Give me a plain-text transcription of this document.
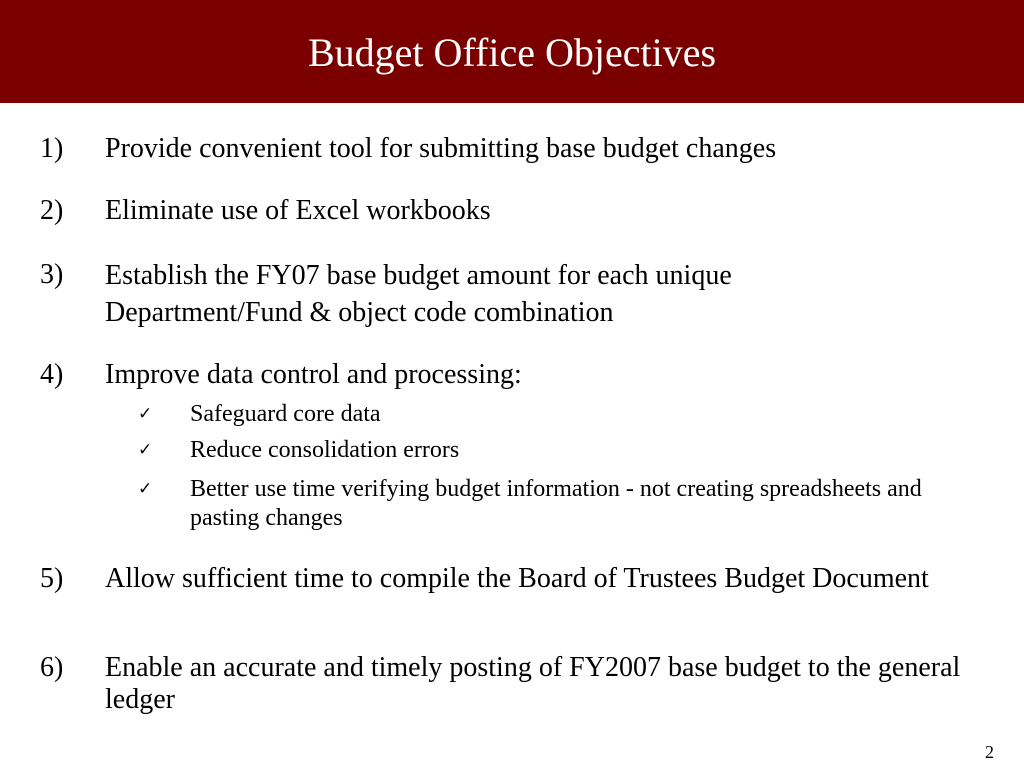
Budget Office Objectives
1) Provide convenient tool for submitting base budget changes
2) Eliminate use of Excel workbooks
3) Establish the FY07 base budget amount for each unique Department/Fund & object code combination
4) Improve data control and processing:
✓ Safeguard core data
✓ Reduce consolidation errors
✓ Better use time verifying budget information - not creating spreadsheets and pasting changes
5) Allow sufficient time to compile the Board of Trustees Budget Document
6) Enable an accurate and timely posting of FY2007 base budget to the general ledger
2
